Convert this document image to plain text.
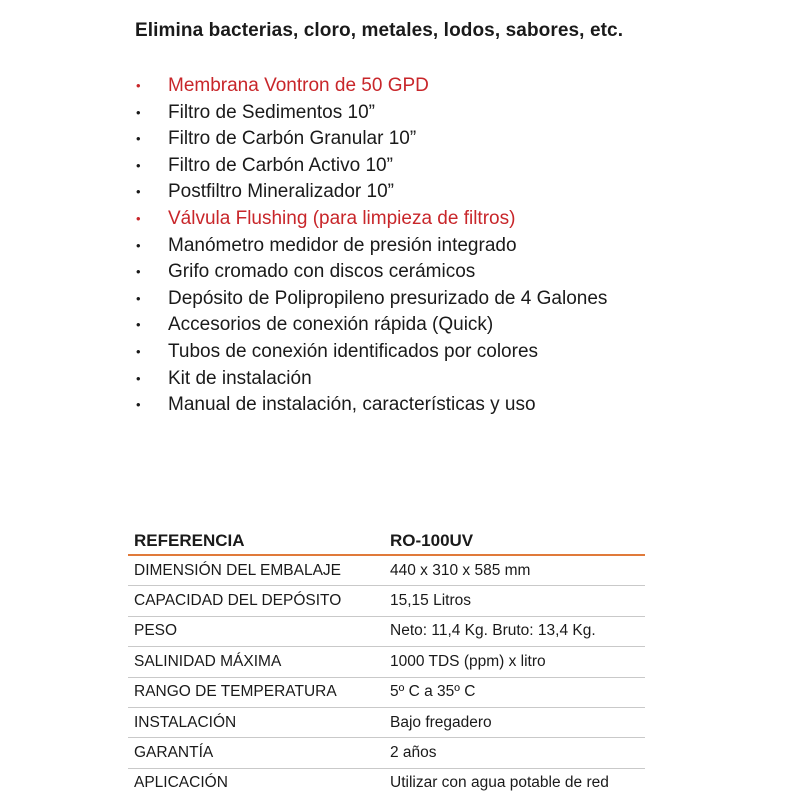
Elimina bacterias, cloro, metales, lodos, sabores, etc.
• Membrana Vontron de 50 GPD
• Filtro de Sedimentos 10”
• Filtro de Carbón Granular 10”
• Filtro de Carbón Activo 10”
• Postfiltro Mineralizador 10”
• Válvula Flushing (para limpieza de filtros)
• Manómetro medidor de presión integrado
• Grifo cromado con discos cerámicos
• Depósito de Polipropileno presurizado de 4 Galones
• Accesorios de conexión rápida (Quick)
• Tubos de conexión identificados por colores
• Kit de instalación
• Manual de instalación, características y uso
REFERENCIA	RO-100UV
DIMENSIÓN DEL EMBALAJE	440 x 310 x 585 mm
CAPACIDAD DEL DEPÓSITO	15,15 Litros
PESO	Neto: 11,4 Kg. Bruto: 13,4 Kg.
SALINIDAD MÁXIMA	1000 TDS (ppm) x litro
RANGO DE TEMPERATURA	5º C a 35º C
INSTALACIÓN	Bajo fregadero
GARANTÍA	2 años
APLICACIÓN	Utilizar con agua potable de red
